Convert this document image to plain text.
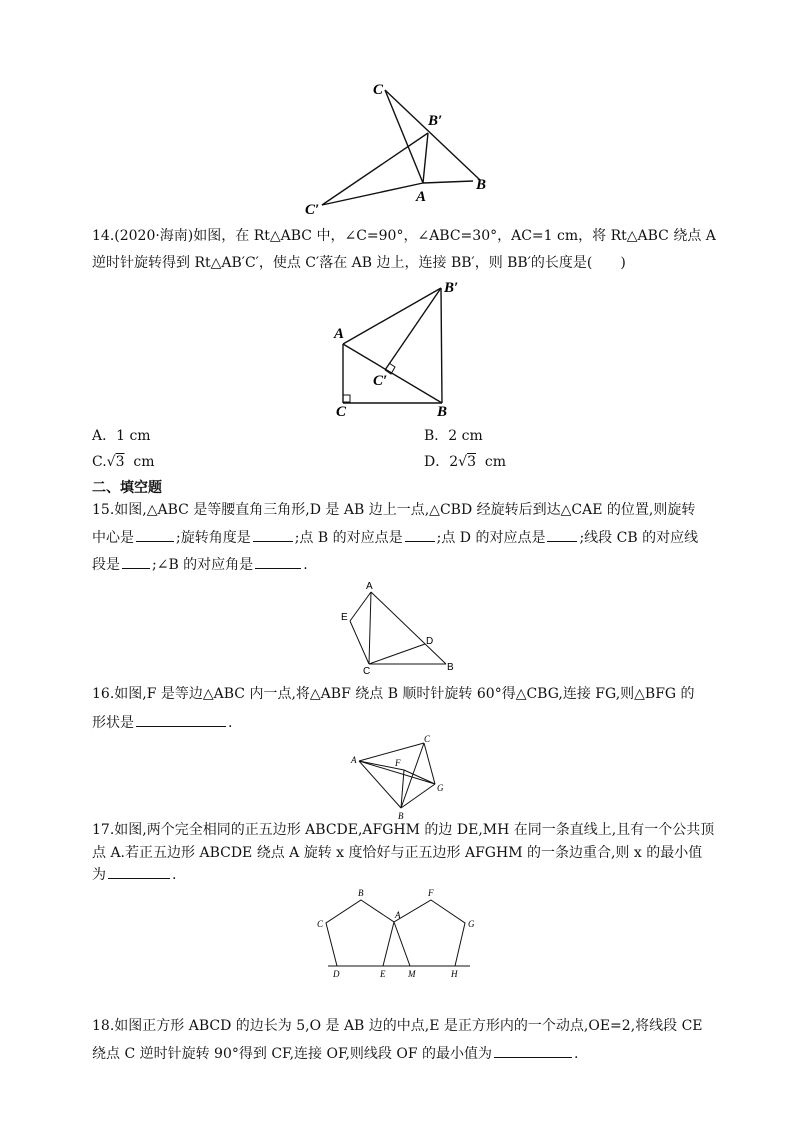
C
B′
A
B
C′
14.(2020·海南)如图，在 Rt△ABC 中，∠C=90°，∠ABC=30°，AC=1 cm，将 Rt△ABC 绕点 A
逆时针旋转得到 Rt△AB′C′，使点 C′落在 AB 边上，连接 BB′，则 BB′的长度是(　　)
A
B′
C′
C	B
A．1 cm	B．2 cm
C.√3 cm	D．2√3 cm
二、填空题
15.如图,△ABC 是等腰直角三角形,D 是 AB 边上一点,△CBD 经旋转后到达△CAE 的位置,则旋转
中心是	;旋转角度是	;点 B 的对应点是 ;点 D 的对应点是 ;线段 CB 的对应线
段是 ;∠B 的对应角是	.
A
E
D
C	B
16.如图,F 是等边△ABC 内一点,将△ABF 绕点 B 顺时针旋转 60°得△CBG,连接 FG,则△BFG 的
形状是	.
A
C
F
G
B
17.如图,两个完全相同的正五边形 ABCDE,AFGHM 的边 DE,MH 在同一条直线上,且有一个公共顶
点 A.若正五边形 ABCDE 绕点 A 旋转 x 度恰好与正五边形 AFGHM 的一条边重合,则 x 的最小值
为	.
B
A
F
C	G
D	E	M	H
18.如图正方形 ABCD 的边长为 5,O 是 AB 边的中点,E 是正方形内的一个动点,OE=2,将线段 CE
绕点 C 逆时针旋转 90°得到 CF,连接 OF,则线段 OF 的最小值为	.
